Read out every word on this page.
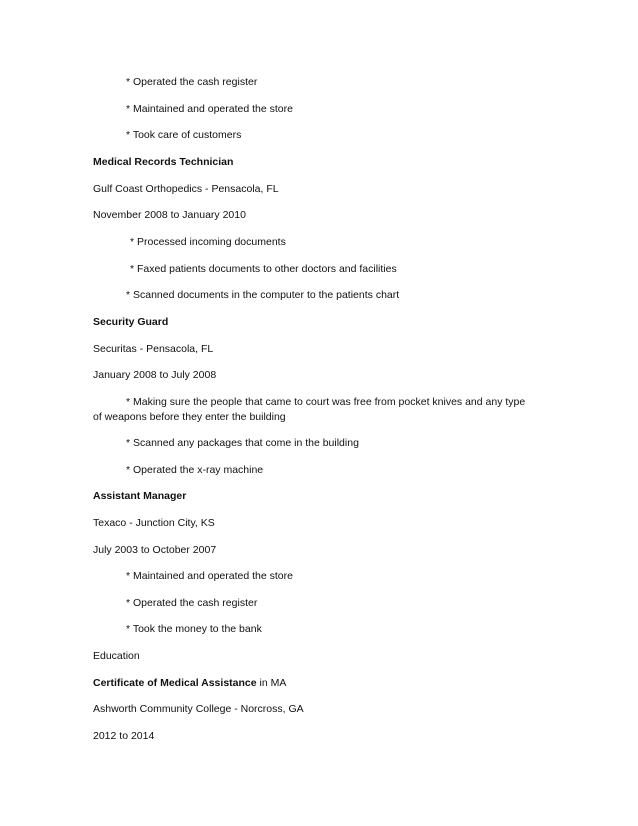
* Operated the cash register
* Maintained and operated the store
* Took care of customers
Medical Records Technician
Gulf Coast Orthopedics - Pensacola, FL
November 2008 to January 2010
* Processed incoming documents
* Faxed patients documents to other doctors and facilities
* Scanned documents in the computer to the patients chart
Security Guard
Securitas - Pensacola, FL
January 2008 to July 2008
* Making sure the people that came to court was free from pocket knives and any type
of weapons before they enter the building
* Scanned any packages that come in the building
* Operated the x-ray machine
Assistant Manager
Texaco - Junction City, KS
July 2003 to October 2007
* Maintained and operated the store
* Operated the cash register
* Took the money to the bank
Education
Certificate of Medical Assistance in MA
Ashworth Community College - Norcross, GA
2012 to 2014
